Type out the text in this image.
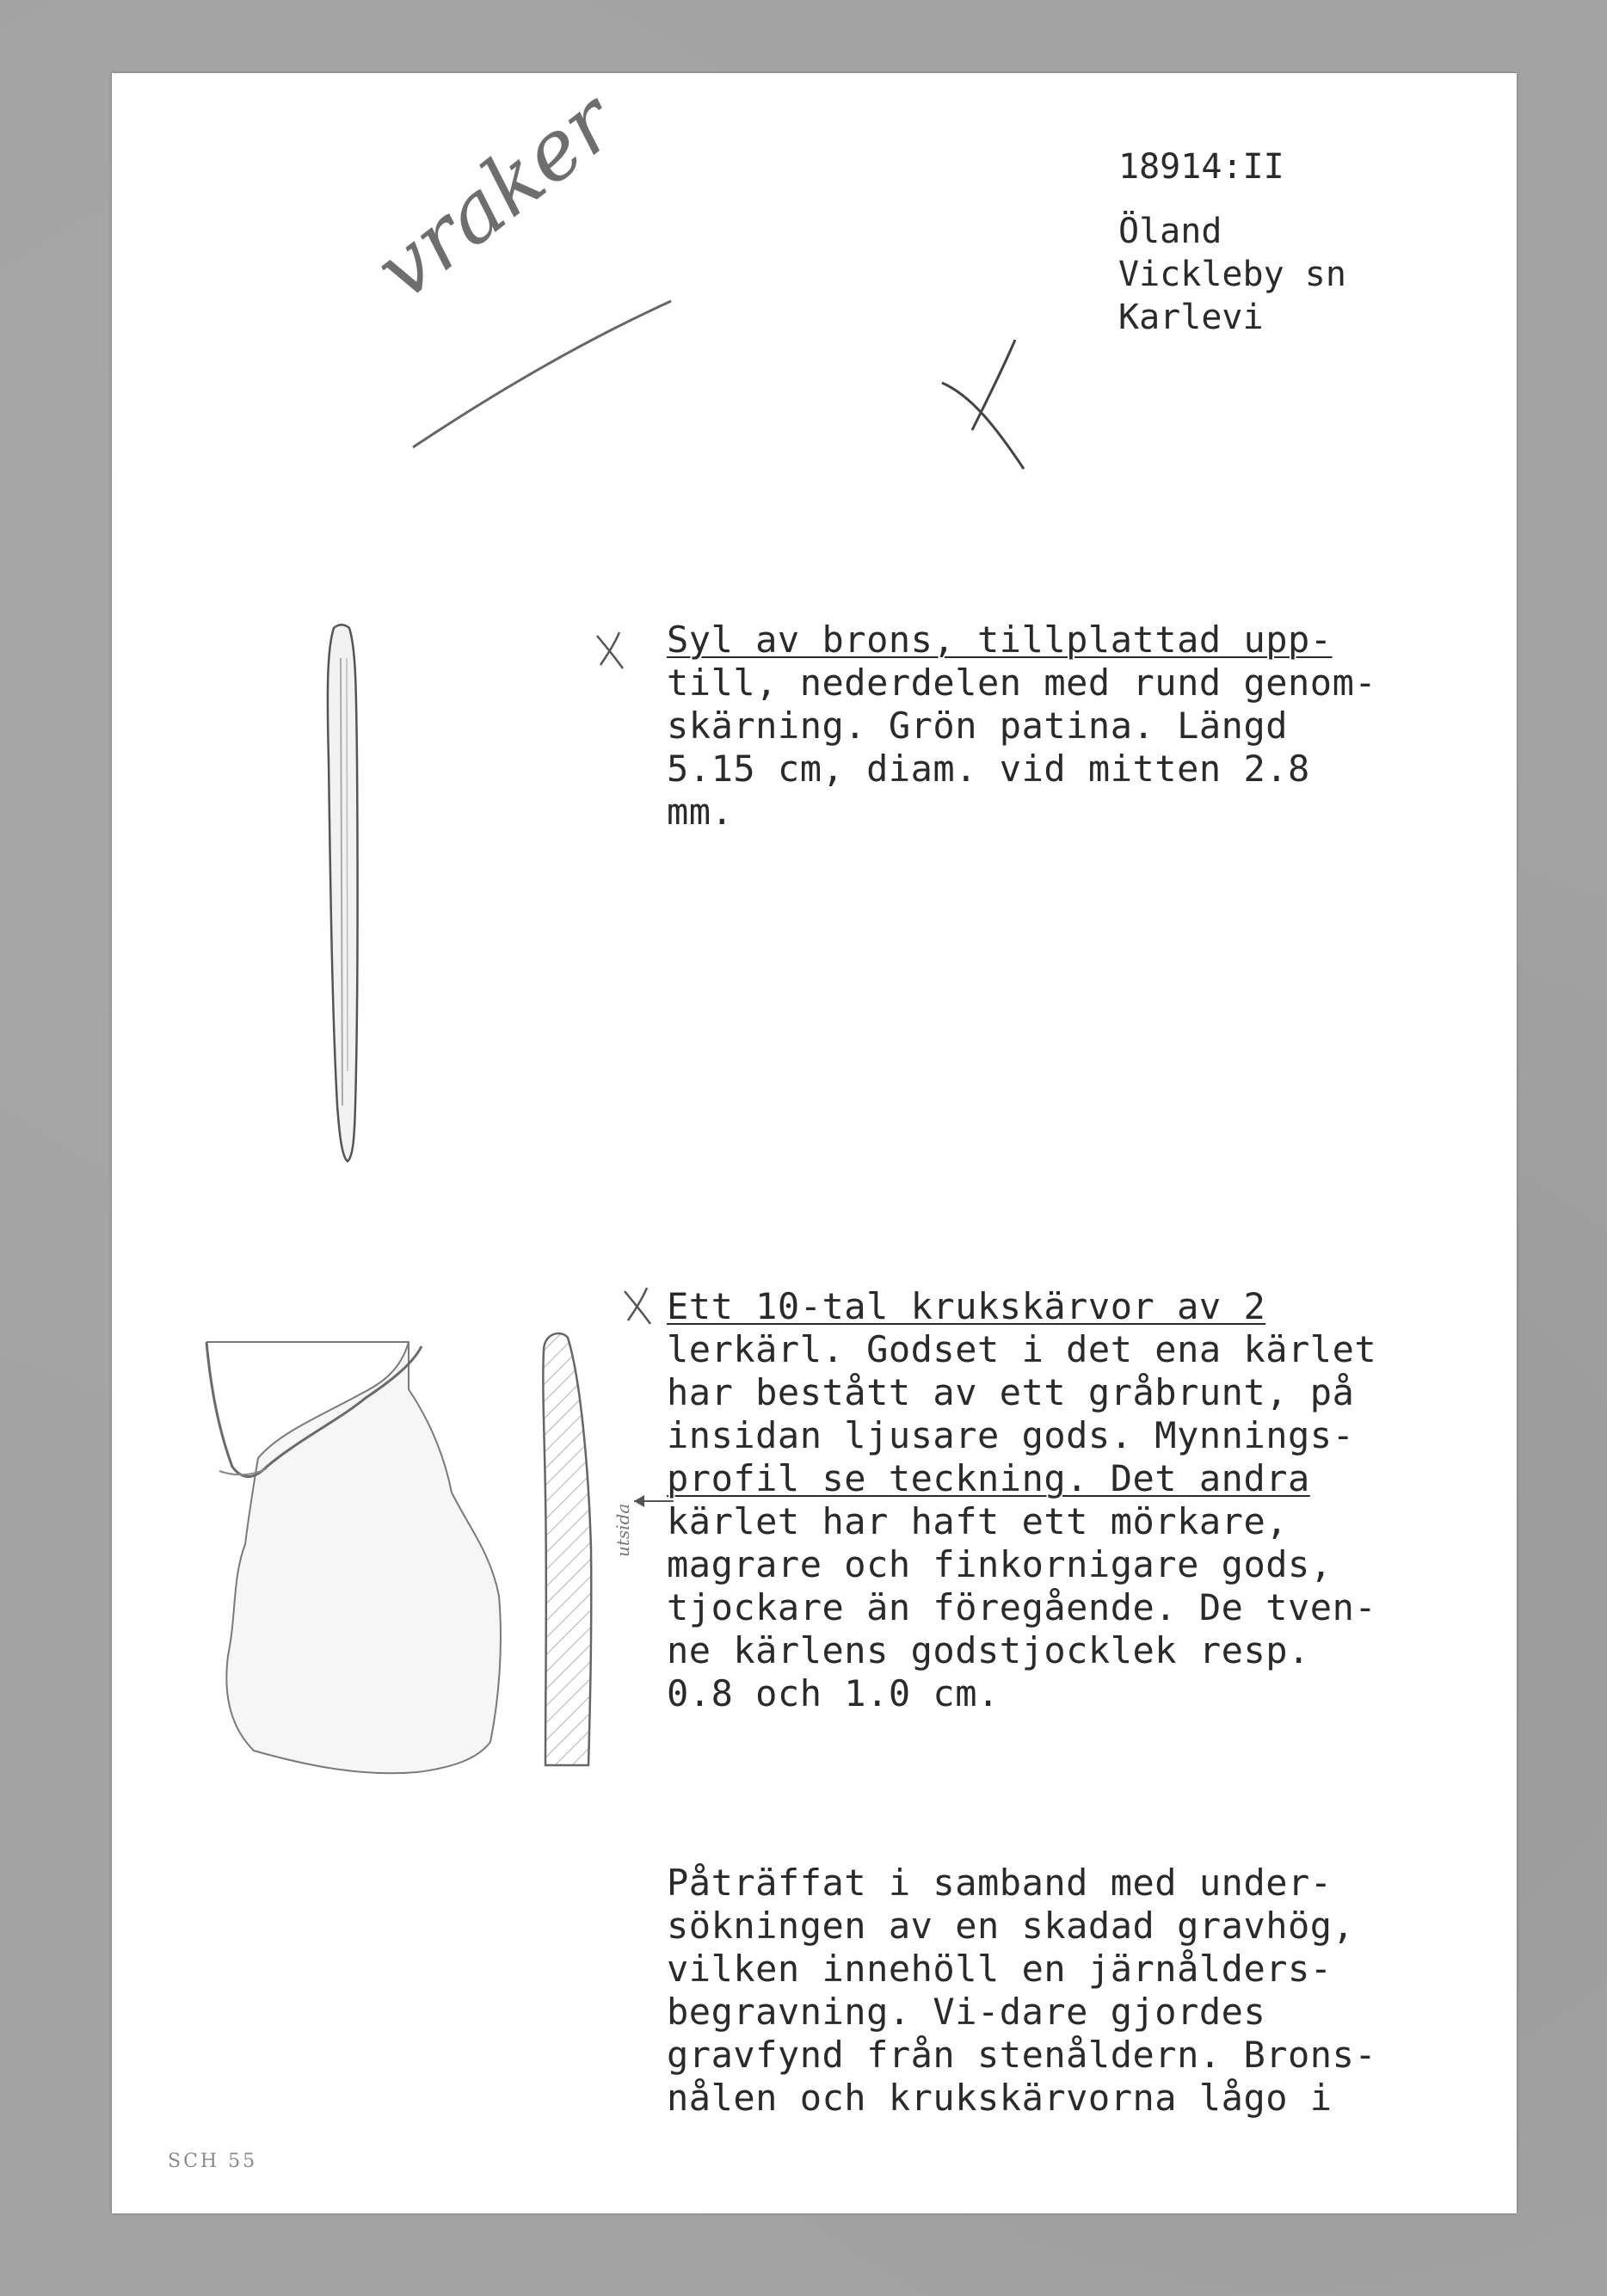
18914:II

Öland

Vickleby sn

Karlevi

vraker

Syl av brons, tillplattad upp-

till, nederdelen med rund genom-

skärning. Grön patina. Längd

5.15 cm, diam. vid mitten 2.8

mm.

utsida

Ett 10-tal krukskärvor av 2

lerkärl. Godset i det ena kärlet

har bestått av ett gråbrunt, på

insidan ljusare gods. Mynnings-

profil se teckning. Det andra

kärlet har haft ett mörkare,

magrare och finkornigare gods,

tjockare än föregående. De tven-

ne kärlens godstjocklek resp.

0.8 och 1.0 cm.

Påträffat i samband med under-

sökningen av en skadad gravhög,

vilken innehöll en järnålders-

begravning. Vi-dare gjordes

gravfynd från stenåldern. Brons-

nålen och krukskärvorna lågo i

SCH 55
